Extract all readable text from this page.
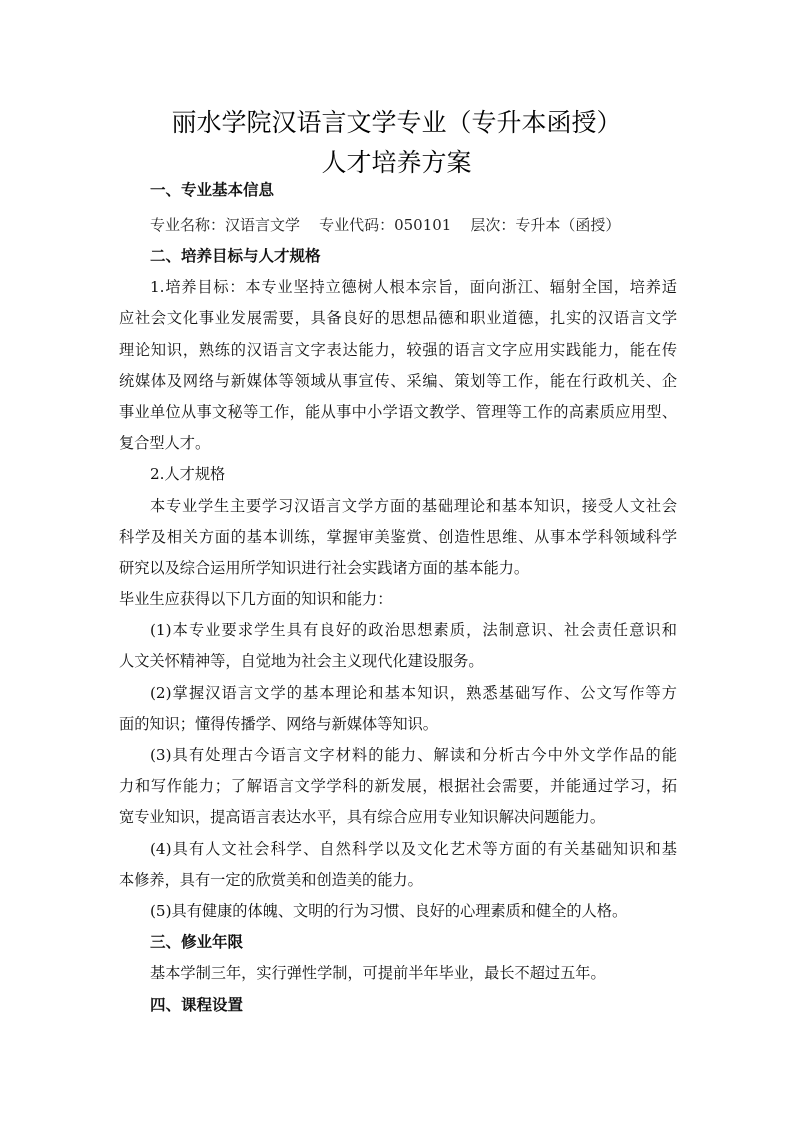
丽水学院汉语言文学专业（专升本函授）
人才培养方案
一、专业基本信息
专业名称：汉语言文学    专业代码：050101    层次：专升本（函授）
二、培养目标与人才规格
1.培养目标：本专业坚持立德树人根本宗旨，面向浙江、辐射全国，培养适
应社会文化事业发展需要，具备良好的思想品德和职业道德，扎实的汉语言文学
理论知识，熟练的汉语言文字表达能力，较强的语言文字应用实践能力，能在传
统媒体及网络与新媒体等领域从事宣传、采编、策划等工作，能在行政机关、企
事业单位从事文秘等工作，能从事中小学语文教学、管理等工作的高素质应用型、
复合型人才。
2.人才规格
本专业学生主要学习汉语言文学方面的基础理论和基本知识，接受人文社会
科学及相关方面的基本训练，掌握审美鉴赏、创造性思维、从事本学科领域科学
研究以及综合运用所学知识进行社会实践诸方面的基本能力。
毕业生应获得以下几方面的知识和能力：
(1)本专业要求学生具有良好的政治思想素质，法制意识、社会责任意识和
人文关怀精神等，自觉地为社会主义现代化建设服务。
(2)掌握汉语言文学的基本理论和基本知识，熟悉基础写作、公文写作等方
面的知识；懂得传播学、网络与新媒体等知识。
(3)具有处理古今语言文字材料的能力、解读和分析古今中外文学作品的能
力和写作能力；了解语言文学学科的新发展，根据社会需要，并能通过学习，拓
宽专业知识，提高语言表达水平，具有综合应用专业知识解决问题能力。
(4)具有人文社会科学、自然科学以及文化艺术等方面的有关基础知识和基
本修养，具有一定的欣赏美和创造美的能力。
(5)具有健康的体魄、文明的行为习惯、良好的心理素质和健全的人格。
三、修业年限
基本学制三年，实行弹性学制，可提前半年毕业，最长不超过五年。
四、课程设置
